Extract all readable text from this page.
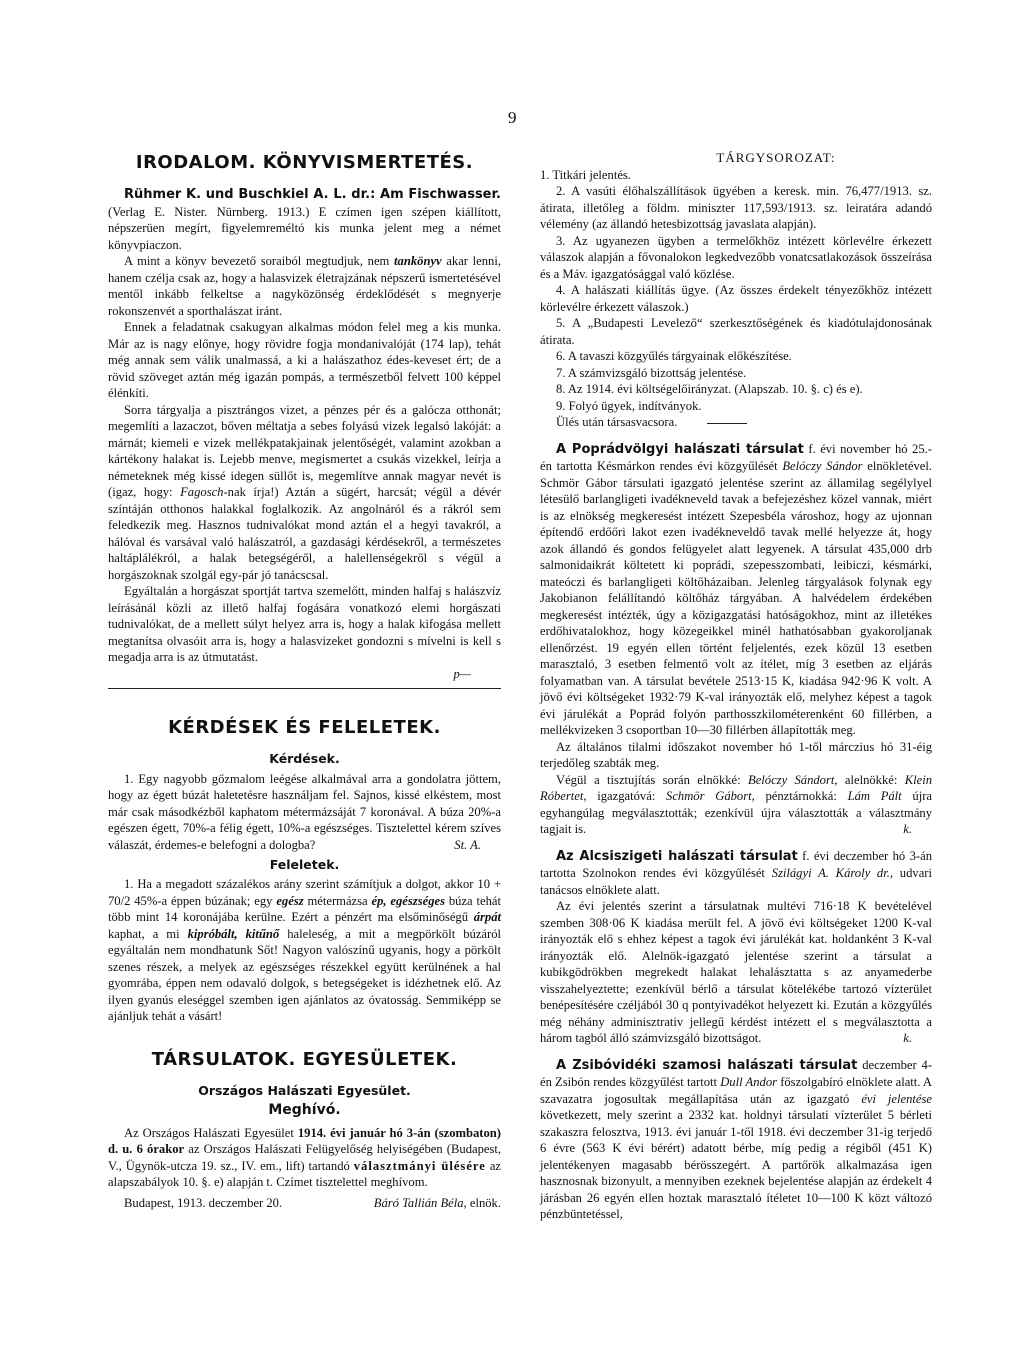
9
IRODALOM. KÖNYVISMERTETÉS.

Rühmer K. und Buschkiel A. L. dr.: Am Fischwasser. (Verlag E. Nister. Nürnberg. 1913.) E czímen igen szépen kiállított, népszerüen megírt, figyelemreméltó kis munka jelent meg a német könyvpiaczon.

A mint a könyv bevezető soraiból megtudjuk, nem tankönyv akar lenni, hanem czélja csak az, hogy a halasvizek életrajzának népszerű ismertetésével mentől inkább felkeltse a nagyközönség érdeklődését s megnyerje rokonszenvét a sporthalászat iránt.

Ennek a feladatnak csakugyan alkalmas módon felel meg a kis munka. Már az is nagy előnye, hogy rövidre fogja mondanivalóját (174 lap), tehát még annak sem válik unalmassá, a ki a halászathoz édes-keveset ért; de a rövid szöveget aztán még igazán pompás, a természetből felvett 100 képpel élénkíti.

Sorra tárgyalja a pisztrángos vizet, a pénzes pér és a galócza otthonát; megemlíti a lazaczot, bőven méltatja a sebes folyású vizek legalsó lakóját: a márnát; kiemeli e vizek mellékpatakjainak jelentőségét, valamint azokban a kártékony halakat is. Lejebb menve, megismertet a csukás vizekkel, leírja a németeknek még kissé idegen süllőt is, megemlítve annak magyar nevét is (igaz, hogy: Fagosch-nak írja!) Aztán a sügért, harcsát; végül a dévér színtáján otthonos halakkal foglalkozik. Az angolnáról és a rákról sem feledkezik meg. Hasznos tudnivalókat mond aztán el a hegyi tavakról, a hálóval és varsával való halászatról, a gazdasági kérdésekről, a természetes haltáplálékról, a halak betegségéről, a halellenségekről s végül a horgászoknak szolgál egy-pár jó tanácscsal.

Egyáltalán a horgászat sportját tartva szemelőtt, minden halfaj s halászvíz leírásánál közli az illető halfaj fogására vonatkozó elemi horgászati tudnivalókat, de a mellett súlyt helyez arra is, hogy a halak kifogása mellett megtanítsa olvasóit arra is, hogy a halasvizeket gondozni s mívelni is kell s megadja arra is az útmutatást.

p—

KÉRDÉSEK ÉS FELELETEK.
Kérdések.

1. Egy nagyobb gőzmalom leégése alkalmával arra a gondolatra jöttem, hogy az égett búzát haletetésre használjam fel. Sajnos, kissé elkéstem, most már csak másodkézből kaphatom métermázsáját 7 koronával. A búza 20%-a egészen égett, 70%-a félig égett, 10%-a egészséges. Tisztelettel kérem szíves válaszát, érdemes-e belefogni a dologba?	St. A.

Feleletek.

1. Ha a megadott százalékos arány szerint számítjuk a dolgot, akkor 10 + 70/2 45%-a éppen búzának; egy egész métermázsa ép, egészséges búza tehát több mint 14 koronájába kerülne. Ezért a pénzért ma elsőminőségű árpát kaphat, a mi kipróbált, kitűnő haleleség, a mit a megpörkölt búzáról egyáltalán nem mondhatunk Sőt! Nagyon valószínű ugyanis, hogy a pörkölt szenes részek, a melyek az egészséges részekkel együtt kerülnének a hal gyomrába, éppen nem odavaló dolgok, s betegségeket is idézhetnek elő. Az ilyen gyanús eleséggel szemben igen ajánlatos az óvatosság. Semmiképp se ajánljuk tehát a vásárt!

TÁRSULATOK. EGYESÜLETEK.
Országos Halászati Egyesület.
Meghívó.

Az Országos Halászati Egyesület 1914. évi január hó 3-án (szombaton) d. u. 6 órakor az Országos Halászati Felügyelőség helyiségében (Budapest, V., Ügynök-utcza 19. sz., IV. em., lift) tartandó választmányi ülésére az alapszabályok 10. §. e) alapján t. Czímet tisztelettel meghívom.

Budapest, 1913. deczember 20.	Báró Tallián Béla, elnök.

TÁRGYSOROZAT:

1. Titkári jelentés.

2. A vasúti élőhalszállítások ügyében a keresk. min. 76,477/1913. sz. átirata, illetőleg a földm. miniszter 117,593/1913. sz. leiratára adandó vélemény (az állandó hetesbizottság javaslata alapján).

3. Az ugyanezen ügyben a termelőkhöz intézett körlevélre érkezett válaszok alapján a fővonalokon legkedvezőbb vonatcsatlakozások összeírása és a Máv. igazgatósággal való közlése.

4. A halászati kiállítás ügye. (Az összes érdekelt tényezőkhöz intézett körlevélre érkezett válaszok.)

5. A „Budapesti Levelező“ szerkesztőségének és kiadótulajdonosának átirata.

6. A tavaszi közgyűlés tárgyainak előkészítése.

7. A számvizsgáló bizottság jelentése.

8. Az 1914. évi költségelőirányzat. (Alapszab. 10. §. c) és e).

9. Folyó ügyek, indítványok.

Ülés után társasvacsora.

A Poprádvölgyi halászati társulat f. évi november hó 25.-én tartotta Késmárkon rendes évi közgyűlését Belóczy Sándor elnökletével. Schmör Gábor társulati igazgató jelentése szerint az államilag segélylyel létesülő barlangligeti ivadékneveld tavak a befejezéshez közel vannak, miért is az elnökség megkeresést intézett Szepesbéla városhoz, hogy az ujonnan építendő erdőőri lakot ezen ivadékneveldő tavak mellé helyezze át, hogy azok állandó és gondos felügyelet alatt legyenek. A társulat 435,000 drb salmonidaikrát költetett ki poprádi, szepesszombati, leibiczi, késmárki, mateóczi és barlangligeti költőházaiban. Jelenleg tárgyalások folynak egy Jakobianon felállítandó költőház tárgyában. A halvédelem érdekében megkeresést intézték, úgy a közigazgatási hatóságokhoz, mint az illetékes erdőhivatalokhoz, hogy közegeikkel minél hathatósabban gyakoroljanak ellenőrzést. 19 egyén ellen történt feljelentés, ezek közül 13 esetben marasztaló, 3 esetben felmentő volt az ítélet, míg 3 esetben az eljárás folyamatban van. A társulat bevétele 2513·15 K, kiadása 942·96 K volt. A jövő évi költségeket 1932·79 K-val irányozták elő, melyhez képest a tagok évi járulékát a Poprád folyón parthosszkilométerenként 60 fillérben, a mellékvizeken 3 csoportban 10—30 fillérben állapították meg.

Az általános tilalmi időszakot november hó 1-től márczius hó 31-éig terjedőleg szabták meg.

Végül a tisztujítás során elnökké: Belóczy Sándort, alelnökké: Klein Róbertet, igazgatóvá: Schmör Gábort, pénztárnokká: Lám Pált újra egyhangúlag megválasztották; ezenkívül újra választották a választmány tagjait is.	k.

Az Alcsiszigeti halászati társulat f. évi deczember hó 3-án tartotta Szolnokon rendes évi közgyűlését Szilágyi A. Károly dr., udvari tanácsos elnöklete alatt.

Az évi jelentés szerint a társulatnak multévi 716·18 K bevételével szemben 308·06 K kiadása merült fel. A jövő évi költségeket 1200 K-val irányozták elő s ehhez képest a tagok évi járulékát kat. holdanként 3 K-val irányozták elő. Alelnök-igazgató jelentése szerint a társulat a kubikgödrökben megrekedt halakat lehalásztatta s az anyamederbe visszahelyeztette; ezenkívül bérlő a társulat kötelékébe tartozó vízterület benépesítésére czéljából 30 q pontyivadékot helyezett ki. Ezután a közgyűlés még néhány adminisztrativ jellegű kérdést intézett el s megválasztotta a három tagból álló számvizsgáló bizottságot.	k.

A Zsibóvidéki szamosi halászati társulat deczember 4-én Zsibón rendes közgyűlést tartott Dull Andor főszolgabíró elnöklete alatt. A szavazatra jogosultak megállapítása után az igazgató évi jelentése következett, mely szerint a 2332 kat. holdnyi társulati vízterület 5 bérleti szakaszra felosztva, 1913. évi január 1-től 1918. évi deczember 31-ig terjedő 6 évre (563 K évi bérért) adatott bérbe, míg pedig a régiből (451 K) jelentékenyen magasabb bérösszegért. A partőrök alkalmazása igen hasznosnak bizonyult, a mennyiben ezeknek bejelentése alapján az érdekelt 4 járásban 26 egyén ellen hoztak marasztaló ítéletet 10—100 K közt változó pénzbüntetéssel,
